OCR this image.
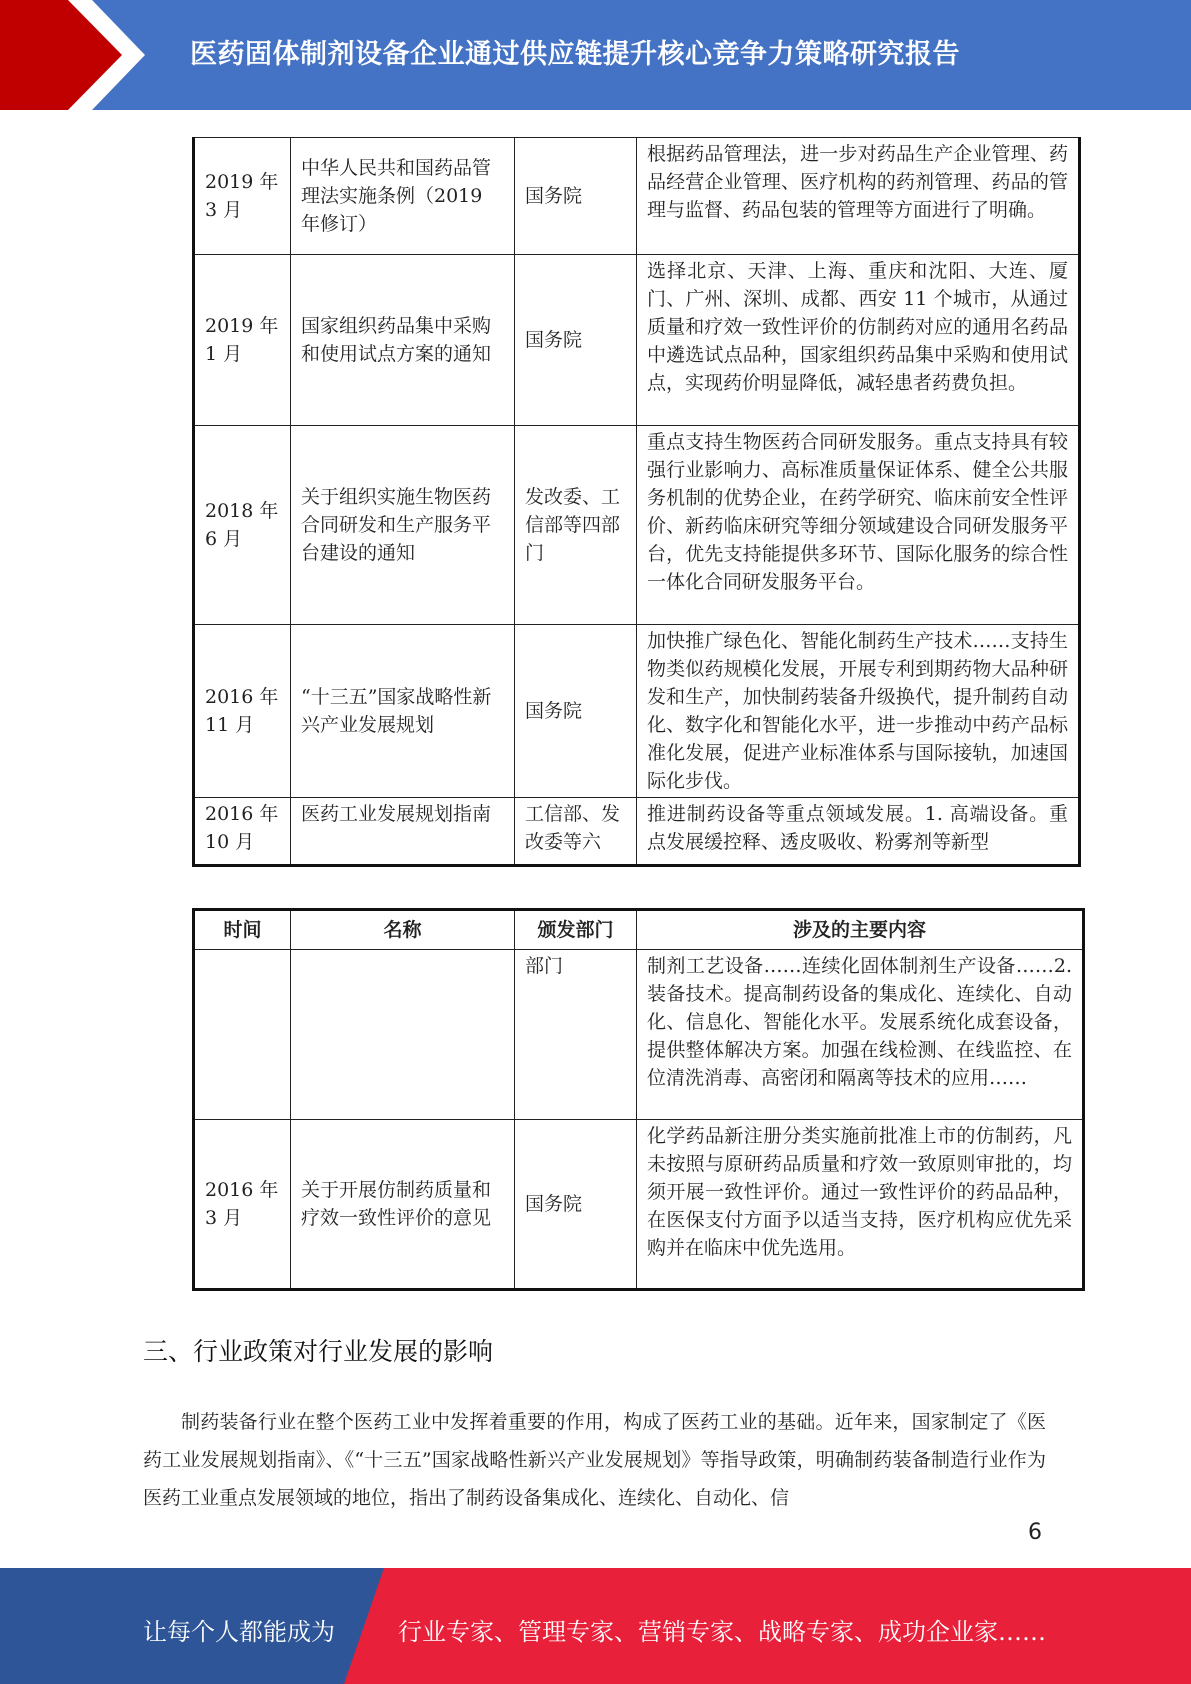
医药固体制剂设备企业通过供应链提升核心竞争力策略研究报告
2019 年 3 月	中华人民共和国药品管理法实施条例（2019 年修订）	国务院	根据药品管理法，进一步对药品生产企业管理、药品经营企业管理、医疗机构的药剂管理、药品的管理与监督、药品包装的管理等方面进行了明确。
2019 年 1 月	国家组织药品集中采购和使用试点方案的通知	国务院	选择北京、天津、上海、重庆和沈阳、大连、厦门、广州、深圳、成都、西安 11 个城市，从通过质量和疗效一致性评价的仿制药对应的通用名药品中遴选试点品种，国家组织药品集中采购和使用试点，实现药价明显降低，减轻患者药费负担。
2018 年 6 月	关于组织实施生物医药合同研发和生产服务平台建设的通知	发改委、工信部等四部门	重点支持生物医药合同研发服务。重点支持具有较强行业影响力、高标准质量保证体系、健全公共服务机制的优势企业，在药学研究、临床前安全性评价、新药临床研究等细分领域建设合同研发服务平台，优先支持能提供多环节、国际化服务的综合性一体化合同研发服务平台。
2016 年 11 月	“十三五”国家战略性新兴产业发展规划	国务院	加快推广绿色化、智能化制药生产技术……支持生物类似药规模化发展，开展专利到期药物大品种研发和生产，加快制药装备升级换代，提升制药自动化、数字化和智能化水平，进一步推动中药产品标准化发展，促进产业标准体系与国际接轨，加速国际化步伐。
2016 年 10 月	医药工业发展规划指南	工信部、发改委等六	推进制药设备等重点领域发展。1. 高端设备。重点发展缓控释、透皮吸收、粉雾剂等新型
时间	名称	颁发部门	涉及的主要内容
		部门	制剂工艺设备……连续化固体制剂生产设备……2. 装备技术。提高制药设备的集成化、连续化、自动化、信息化、智能化水平。发展系统化成套设备，提供整体解决方案。加强在线检测、在线监控、在位清洗消毒、高密闭和隔离等技术的应用……
2016 年 3 月	关于开展仿制药质量和疗效一致性评价的意见	国务院	化学药品新注册分类实施前批准上市的仿制药，凡未按照与原研药品质量和疗效一致原则审批的，均须开展一致性评价。通过一致性评价的药品品种，在医保支付方面予以适当支持，医疗机构应优先采购并在临床中优先选用。
三、行业政策对行业发展的影响
制药装备行业在整个医药工业中发挥着重要的作用，构成了医药工业的基础。近年来，国家制定了《医药工业发展规划指南》、《“十三五”国家战略性新兴产业发展规划》等指导政策，明确制药装备制造行业作为医药工业重点发展领域的地位，指出了制药设备集成化、连续化、自动化、信
6
让每个人都能成为	行业专家、管理专家、营销专家、战略专家、成功企业家……
